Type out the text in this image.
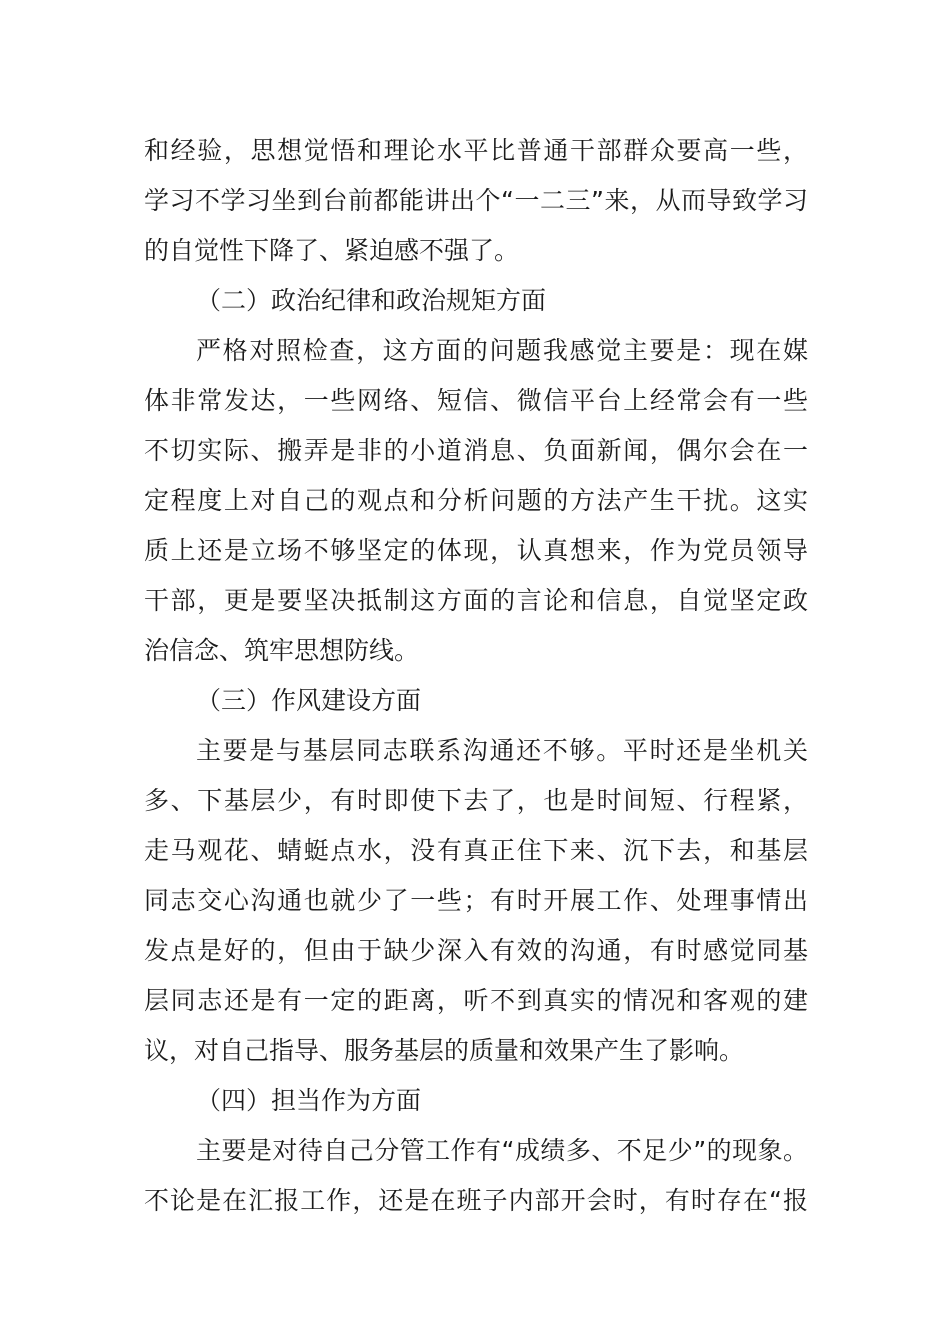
和经验，思想觉悟和理论水平比普通干部群众要高一些，
学习不学习坐到台前都能讲出个“一二三”来，从而导致学习
的自觉性下降了、紧迫感不强了。
（二）政治纪律和政治规矩方面
严格对照检查，这方面的问题我感觉主要是：现在媒
体非常发达，一些网络、短信、微信平台上经常会有一些
不切实际、搬弄是非的小道消息、负面新闻，偶尔会在一
定程度上对自己的观点和分析问题的方法产生干扰。这实
质上还是立场不够坚定的体现，认真想来，作为党员领导
干部，更是要坚决抵制这方面的言论和信息，自觉坚定政
治信念、筑牢思想防线。
（三）作风建设方面
主要是与基层同志联系沟通还不够。平时还是坐机关
多、下基层少，有时即使下去了，也是时间短、行程紧，
走马观花、蜻蜓点水，没有真正住下来、沉下去，和基层
同志交心沟通也就少了一些；有时开展工作、处理事情出
发点是好的，但由于缺少深入有效的沟通，有时感觉同基
层同志还是有一定的距离，听不到真实的情况和客观的建
议，对自己指导、服务基层的质量和效果产生了影响。
（四）担当作为方面
主要是对待自己分管工作有“成绩多、不足少”的现象。
不论是在汇报工作，还是在班子内部开会时，有时存在“报
